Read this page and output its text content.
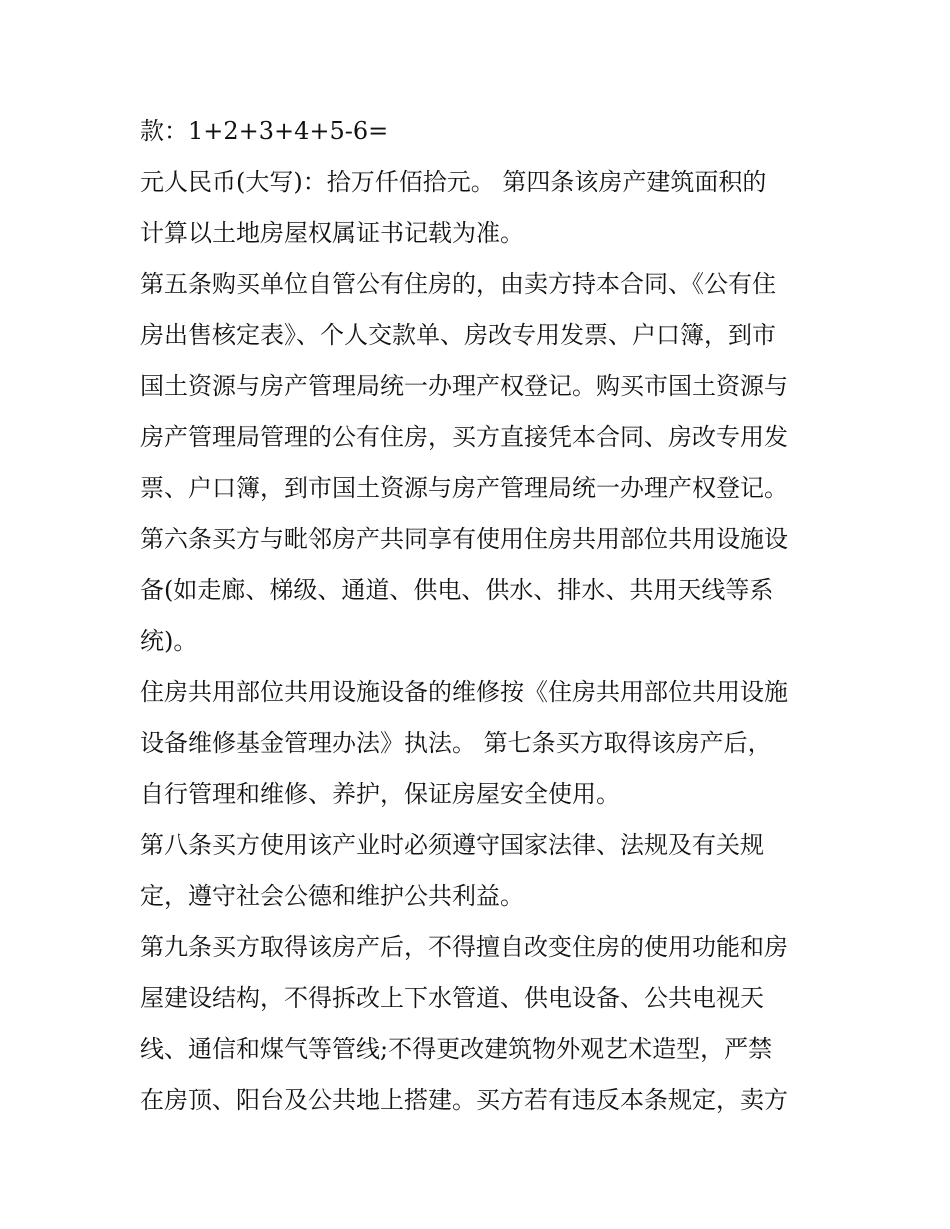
款：1+2+3+4+5-6=
元人民币(大写)：拾万仟佰拾元。 第四条该房产建筑面积的
计算以土地房屋权属证书记载为准。
第五条购买单位自管公有住房的，由卖方持本合同、《公有住
房出售核定表》、个人交款单、房改专用发票、户口簿，到市
国土资源与房产管理局统一办理产权登记。购买市国土资源与
房产管理局管理的公有住房，买方直接凭本合同、房改专用发
票、户口簿，到市国土资源与房产管理局统一办理产权登记。
第六条买方与毗邻房产共同享有使用住房共用部位共用设施设
备(如走廊、梯级、通道、供电、供水、排水、共用天线等系
统)。
住房共用部位共用设施设备的维修按《住房共用部位共用设施
设备维修基金管理办法》执法。 第七条买方取得该房产后，
自行管理和维修、养护，保证房屋安全使用。
第八条买方使用该产业时必须遵守国家法律、法规及有关规
定，遵守社会公德和维护公共利益。
第九条买方取得该房产后，不得擅自改变住房的使用功能和房
屋建设结构，不得拆改上下水管道、供电设备、公共电视天
线、通信和煤气等管线;不得更改建筑物外观艺术造型，严禁
在房顶、阳台及公共地上搭建。买方若有违反本条规定，卖方
